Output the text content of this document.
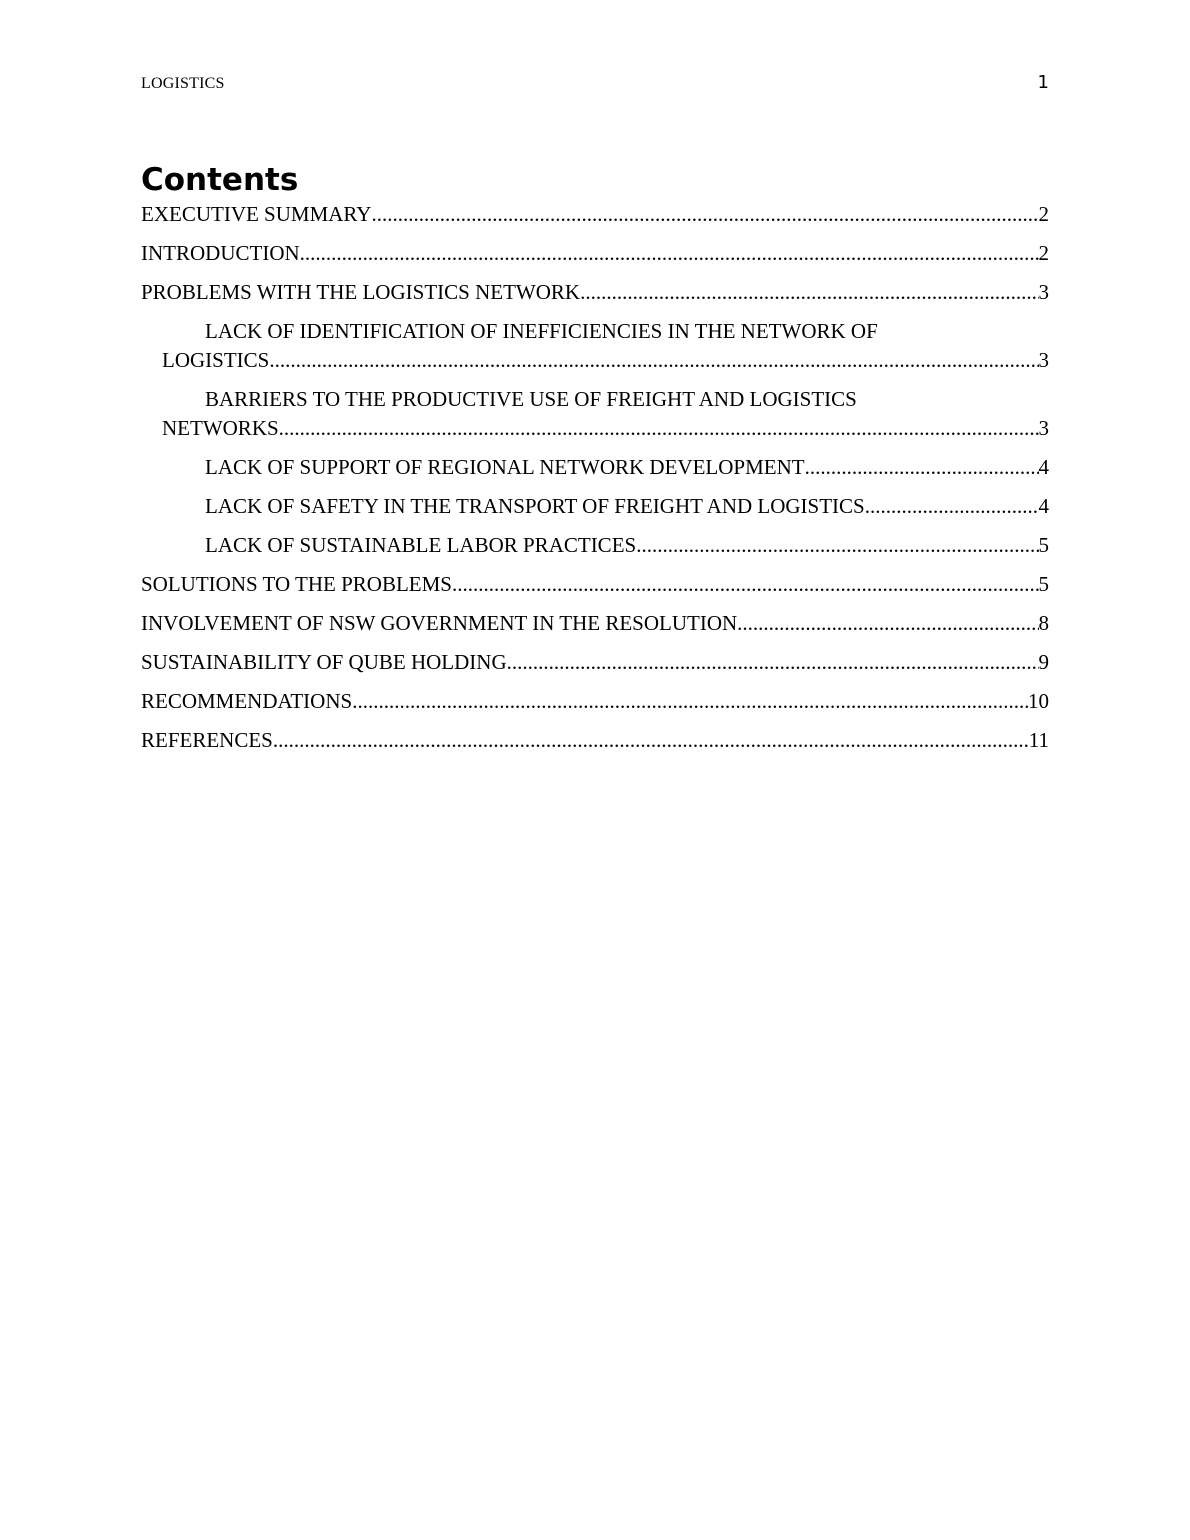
LOGISTICS	1
Contents
EXECUTIVE SUMMARY .....	2
INTRODUCTION .....	2
PROBLEMS WITH THE LOGISTICS NETWORK .....	3
LACK OF IDENTIFICATION OF INEFFICIENCIES IN THE NETWORK OF
LOGISTICS .....	3
BARRIERS TO THE PRODUCTIVE USE OF FREIGHT AND LOGISTICS
NETWORKS .....	3
LACK OF SUPPORT OF REGIONAL NETWORK DEVELOPMENT .....	4
LACK OF SAFETY IN THE TRANSPORT OF FREIGHT AND LOGISTICS .....	4
LACK OF SUSTAINABLE LABOR PRACTICES .....	5
SOLUTIONS TO THE PROBLEMS .....	5
INVOLVEMENT OF NSW GOVERNMENT IN THE RESOLUTION .....	8
SUSTAINABILITY OF QUBE HOLDING .....	9
RECOMMENDATIONS .....	10
REFERENCES .....	11
